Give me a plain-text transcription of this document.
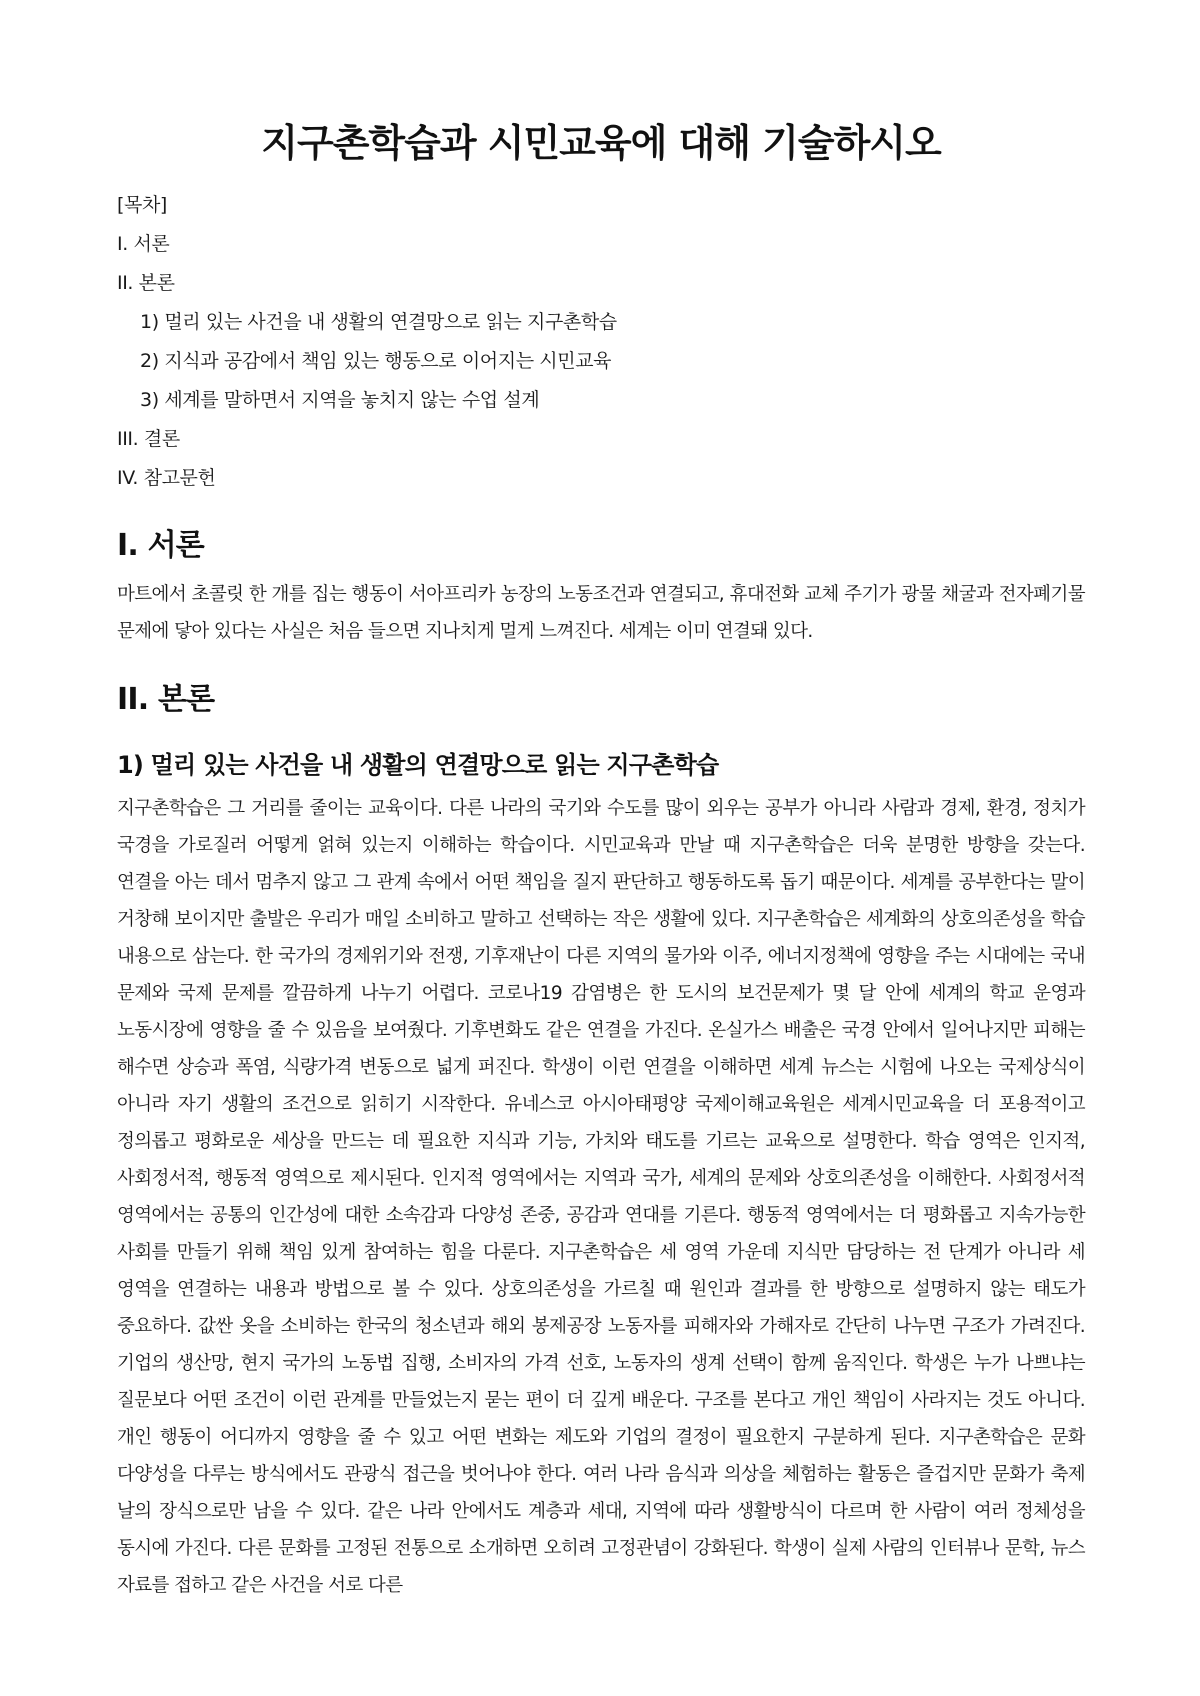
지구촌학습과 시민교육에 대해 기술하시오
[목차]
I. 서론
II. 본론
1) 멀리 있는 사건을 내 생활의 연결망으로 읽는 지구촌학습
2) 지식과 공감에서 책임 있는 행동으로 이어지는 시민교육
3) 세계를 말하면서 지역을 놓치지 않는 수업 설계
III. 결론
IV. 참고문헌
I. 서론

마트에서 초콜릿 한 개를 집는 행동이 서아프리카 농장의 노동조건과 연결되고, 휴대전화 교체 주기가 광물 채굴과 전자폐기물 문제에 닿아 있다는 사실은 처음 들으면 지나치게 멀게 느껴진다. 세계는 이미 연결돼 있다.

II. 본론
1) 멀리 있는 사건을 내 생활의 연결망으로 읽는 지구촌학습

지구촌학습은 그 거리를 줄이는 교육이다. 다른 나라의 국기와 수도를 많이 외우는 공부가 아니라 사람과 경제, 환경, 정치가 국경을 가로질러 어떻게 얽혀 있는지 이해하는 학습이다. 시민교육과 만날 때 지구촌학습은 더욱 분명한 방향을 갖는다. 연결을 아는 데서 멈추지 않고 그 관계 속에서 어떤 책임을 질지 판단하고 행동하도록 돕기 때문이다. 세계를 공부한다는 말이 거창해 보이지만 출발은 우리가 매일 소비하고 말하고 선택하는 작은 생활에 있다. 지구촌학습은 세계화의 상호의존성을 학습 내용으로 삼는다. 한 국가의 경제위기와 전쟁, 기후재난이 다른 지역의 물가와 이주, 에너지정책에 영향을 주는 시대에는 국내 문제와 국제 문제를 깔끔하게 나누기 어렵다. 코로나19 감염병은 한 도시의 보건문제가 몇 달 안에 세계의 학교 운영과 노동시장에 영향을 줄 수 있음을 보여줬다. 기후변화도 같은 연결을 가진다. 온실가스 배출은 국경 안에서 일어나지만 피해는 해수면 상승과 폭염, 식량가격 변동으로 넓게 퍼진다. 학생이 이런 연결을 이해하면 세계 뉴스는 시험에 나오는 국제상식이 아니라 자기 생활의 조건으로 읽히기 시작한다. 유네스코 아시아태평양 국제이해교육원은 세계시민교육을 더 포용적이고 정의롭고 평화로운 세상을 만드는 데 필요한 지식과 기능, 가치와 태도를 기르는 교육으로 설명한다. 학습 영역은 인지적, 사회정서적, 행동적 영역으로 제시된다. 인지적 영역에서는 지역과 국가, 세계의 문제와 상호의존성을 이해한다. 사회정서적 영역에서는 공통의 인간성에 대한 소속감과 다양성 존중, 공감과 연대를 기른다. 행동적 영역에서는 더 평화롭고 지속가능한 사회를 만들기 위해 책임 있게 참여하는 힘을 다룬다. 지구촌학습은 세 영역 가운데 지식만 담당하는 전 단계가 아니라 세 영역을 연결하는 내용과 방법으로 볼 수 있다. 상호의존성을 가르칠 때 원인과 결과를 한 방향으로 설명하지 않는 태도가 중요하다. 값싼 옷을 소비하는 한국의 청소년과 해외 봉제공장 노동자를 피해자와 가해자로 간단히 나누면 구조가 가려진다. 기업의 생산망, 현지 국가의 노동법 집행, 소비자의 가격 선호, 노동자의 생계 선택이 함께 움직인다. 학생은 누가 나쁘냐는 질문보다 어떤 조건이 이런 관계를 만들었는지 묻는 편이 더 깊게 배운다. 구조를 본다고 개인 책임이 사라지는 것도 아니다. 개인 행동이 어디까지 영향을 줄 수 있고 어떤 변화는 제도와 기업의 결정이 필요한지 구분하게 된다. 지구촌학습은 문화 다양성을 다루는 방식에서도 관광식 접근을 벗어나야 한다. 여러 나라 음식과 의상을 체험하는 활동은 즐겁지만 문화가 축제 날의 장식으로만 남을 수 있다. 같은 나라 안에서도 계층과 세대, 지역에 따라 생활방식이 다르며 한 사람이 여러 정체성을 동시에 가진다. 다른 문화를 고정된 전통으로 소개하면 오히려 고정관념이 강화된다. 학생이 실제 사람의 인터뷰나 문학, 뉴스 자료를 접하고 같은 사건을 서로 다른
